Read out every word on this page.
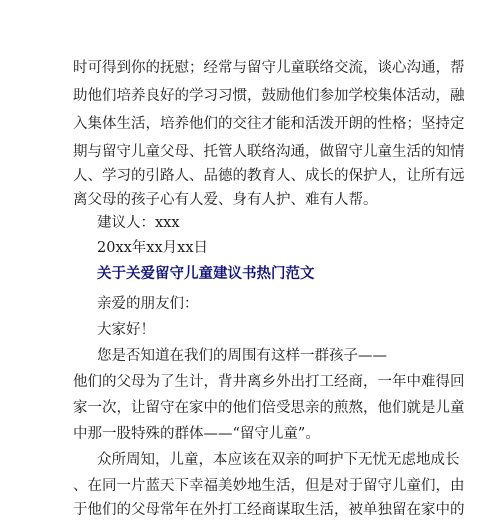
时可得到你的抚慰；经常与留守儿童联络交流，谈心沟通，帮
助他们培养良好的学习习惯，鼓励他们参加学校集体活动，融
入集体生活，培养他们的交往才能和活泼开朗的性格；坚持定
期与留守儿童父母、托管人联络沟通，做留守儿童生活的知情
人、学习的引路人、品德的教育人、成长的保护人，让所有远
离父母的孩子心有人爱、身有人护、难有人帮。
建议人：xxx
20xx年xx月xx日
关于关爱留守儿童建议书热门范文
亲爱的朋友们：
大家好！
您是否知道在我们的周围有这样一群孩子——
他们的父母为了生计，背井离乡外出打工经商，一年中难得回
家一次，让留守在家中的他们倍受思亲的煎熬，他们就是儿童
中那一股特殊的群体——“留守儿童”。
众所周知，儿童，本应该在双亲的呵护下无忧无虑地成长
、在同一片蓝天下幸福美妙地生活，但是对于留守儿童们，由
于他们的父母常年在外打工经商谋取生活，被单独留在家中的
